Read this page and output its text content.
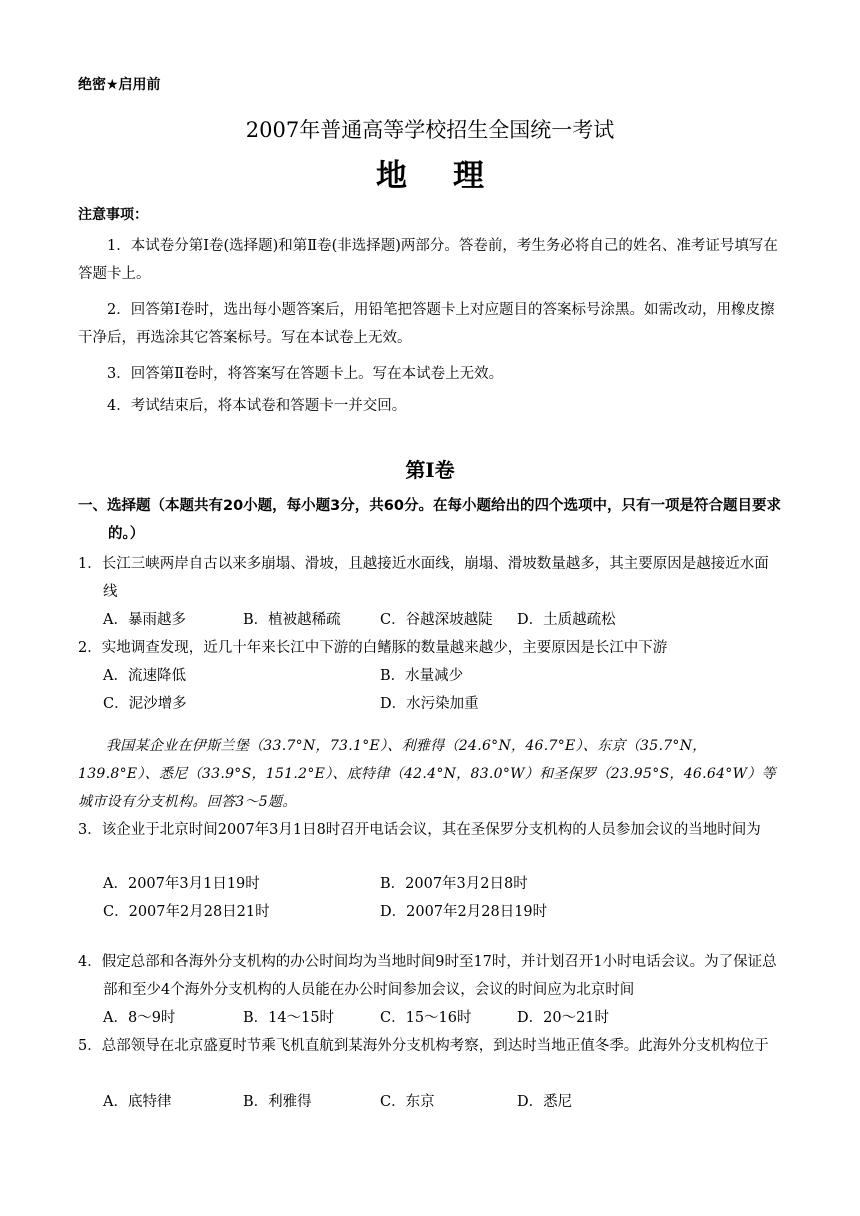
绝密★启用前
2007年普通高等学校招生全国统一考试
地理
注意事项：
1．本试卷分第Ⅰ卷(选择题)和第Ⅱ卷(非选择题)两部分。答卷前，考生务必将自己的姓名、准考证号填写在答题卡上。
2．回答第Ⅰ卷时，选出每小题答案后，用铅笔把答题卡上对应题目的答案标号涂黑。如需改动，用橡皮擦干净后，再选涂其它答案标号。写在本试卷上无效。
3．回答第Ⅱ卷时，将答案写在答题卡上。写在本试卷上无效。
4．考试结束后，将本试卷和答题卡一并交回。
第Ⅰ卷
一、选择题（本题共有20小题，每小题3分，共60分。在每小题给出的四个选项中，只有一项是符合题目要求的。）
1．长江三峡两岸自古以来多崩塌、滑坡，且越接近水面线，崩塌、滑坡数量越多，其主要原因是越接近水面线
A．暴雨越多	B．植被越稀疏	C．谷越深坡越陡 D．土质越疏松
2．实地调查发现，近几十年来长江中下游的白鳍豚的数量越来越少，主要原因是长江中下游
A．流速降低	B．水量减少
C．泥沙增多	D．水污染加重
我国某企业在伊斯兰堡（33.7°N，73.1°E）、利雅得（24.6°N，46.7°E）、东京（35.7°N，139.8°E）、悉尼（33.9°S，151.2°E）、底特律（42.4°N，83.0°W）和圣保罗（23.95°S，46.64°W）等城市设有分支机构。回答3～5题。
3．该企业于北京时间2007年3月1日8时召开电话会议，其在圣保罗分支机构的人员参加会议的当地时间为
A．2007年3月1日19时	B．2007年3月2日8时
C．2007年2月28日21时	D．2007年2月28日19时
4．假定总部和各海外分支机构的办公时间均为当地时间9时至17时，并计划召开1小时电话会议。为了保证总部和至少4个海外分支机构的人员能在办公时间参加会议，会议的时间应为北京时间
A．8～9时	B．14～15时	C．15～16时	D．20～21时
5．总部领导在北京盛夏时节乘飞机直航到某海外分支机构考察，到达时当地正值冬季。此海外分支机构位于
A．底特律	B．利雅得	C．东京	D．悉尼
